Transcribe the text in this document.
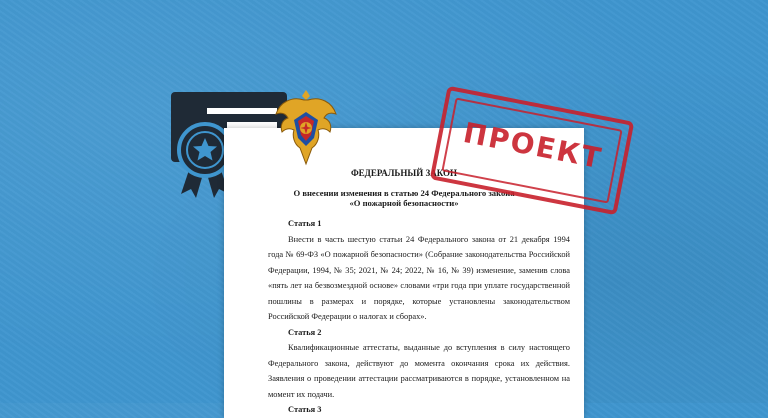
ФЕДЕРАЛЬНЫЙ ЗАКОН
О внесении изменения в статью 24 Федерального закона
«О пожарной безопасности»
Статья 1
Внести в часть шестую статьи 24 Федерального закона от 21 декабря 1994 года № 69-ФЗ «О пожарной безопасности» (Собрание законодательства Российской Федерации, 1994, № 35; 2021, № 24; 2022, № 16, № 39) изменение, заменив слова «пять лет на безвозмездной основе» словами «три года при уплате государственной пошлины в размерах и порядке, которые установлены законодательством Российской Федерации о налогах и сборах».
Статья 2
Квалификационные аттестаты, выданные до вступления в силу настоящего Федерального закона, действуют до момента окончания срока их действия. Заявления о проведении аттестации рассматриваются в порядке, установленном на момент их подачи.
Статья 3
ПРОЕКТ
